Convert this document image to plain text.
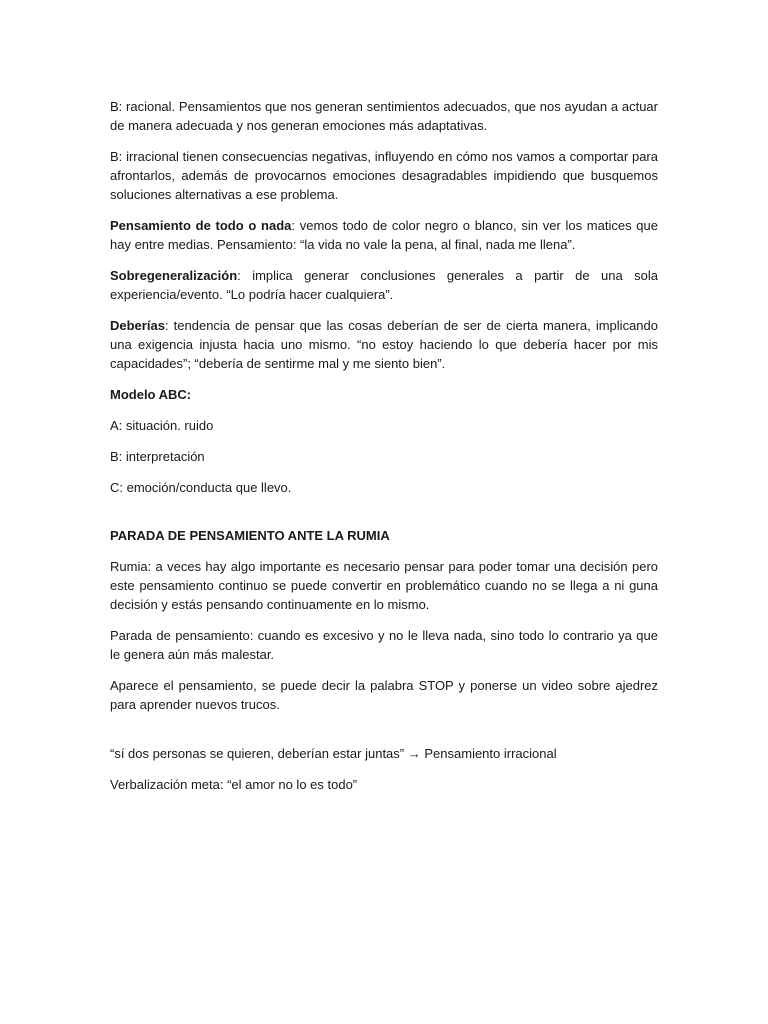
B: racional. Pensamientos que nos generan sentimientos adecuados, que nos ayudan a actuar de manera adecuada y nos generan emociones más adaptativas.

B: irracional tienen consecuencias negativas, influyendo en cómo nos vamos a comportar para afrontarlos, además de provocarnos emociones desagradables impidiendo que busquemos soluciones alternativas a ese problema.

Pensamiento de todo o nada: vemos todo de color negro o blanco, sin ver los matices que hay entre medias. Pensamiento: “la vida no vale la pena, al final, nada me llena”.

Sobregeneralización: implica generar conclusiones generales a partir de una sola experiencia/evento. “Lo podría hacer cualquiera”.

Deberías: tendencia de pensar que las cosas deberían de ser de cierta manera, implicando una exigencia injusta hacia uno mismo. “no estoy haciendo lo que debería hacer por mis capacidades”; “debería de sentirme mal y me siento bien”.

Modelo ABC:

A: situación. ruido

B: interpretación

C: emoción/conducta que llevo.

PARADA DE PENSAMIENTO ANTE LA RUMIA

Rumia: a veces hay algo importante es necesario pensar para poder tomar una decisión pero este pensamiento continuo se puede convertir en problemático cuando no se llega a ni guna decisión y estás pensando continuamente en lo mismo.

Parada de pensamiento: cuando es excesivo y no le lleva nada, sino todo lo contrario ya que le genera aún más malestar.

Aparece el pensamiento, se puede decir la palabra STOP y ponerse un video sobre ajedrez para aprender nuevos trucos.

“sí dos personas se quieren, deberían estar juntas” → Pensamiento irracional

Verbalización meta: “el amor no lo es todo”
